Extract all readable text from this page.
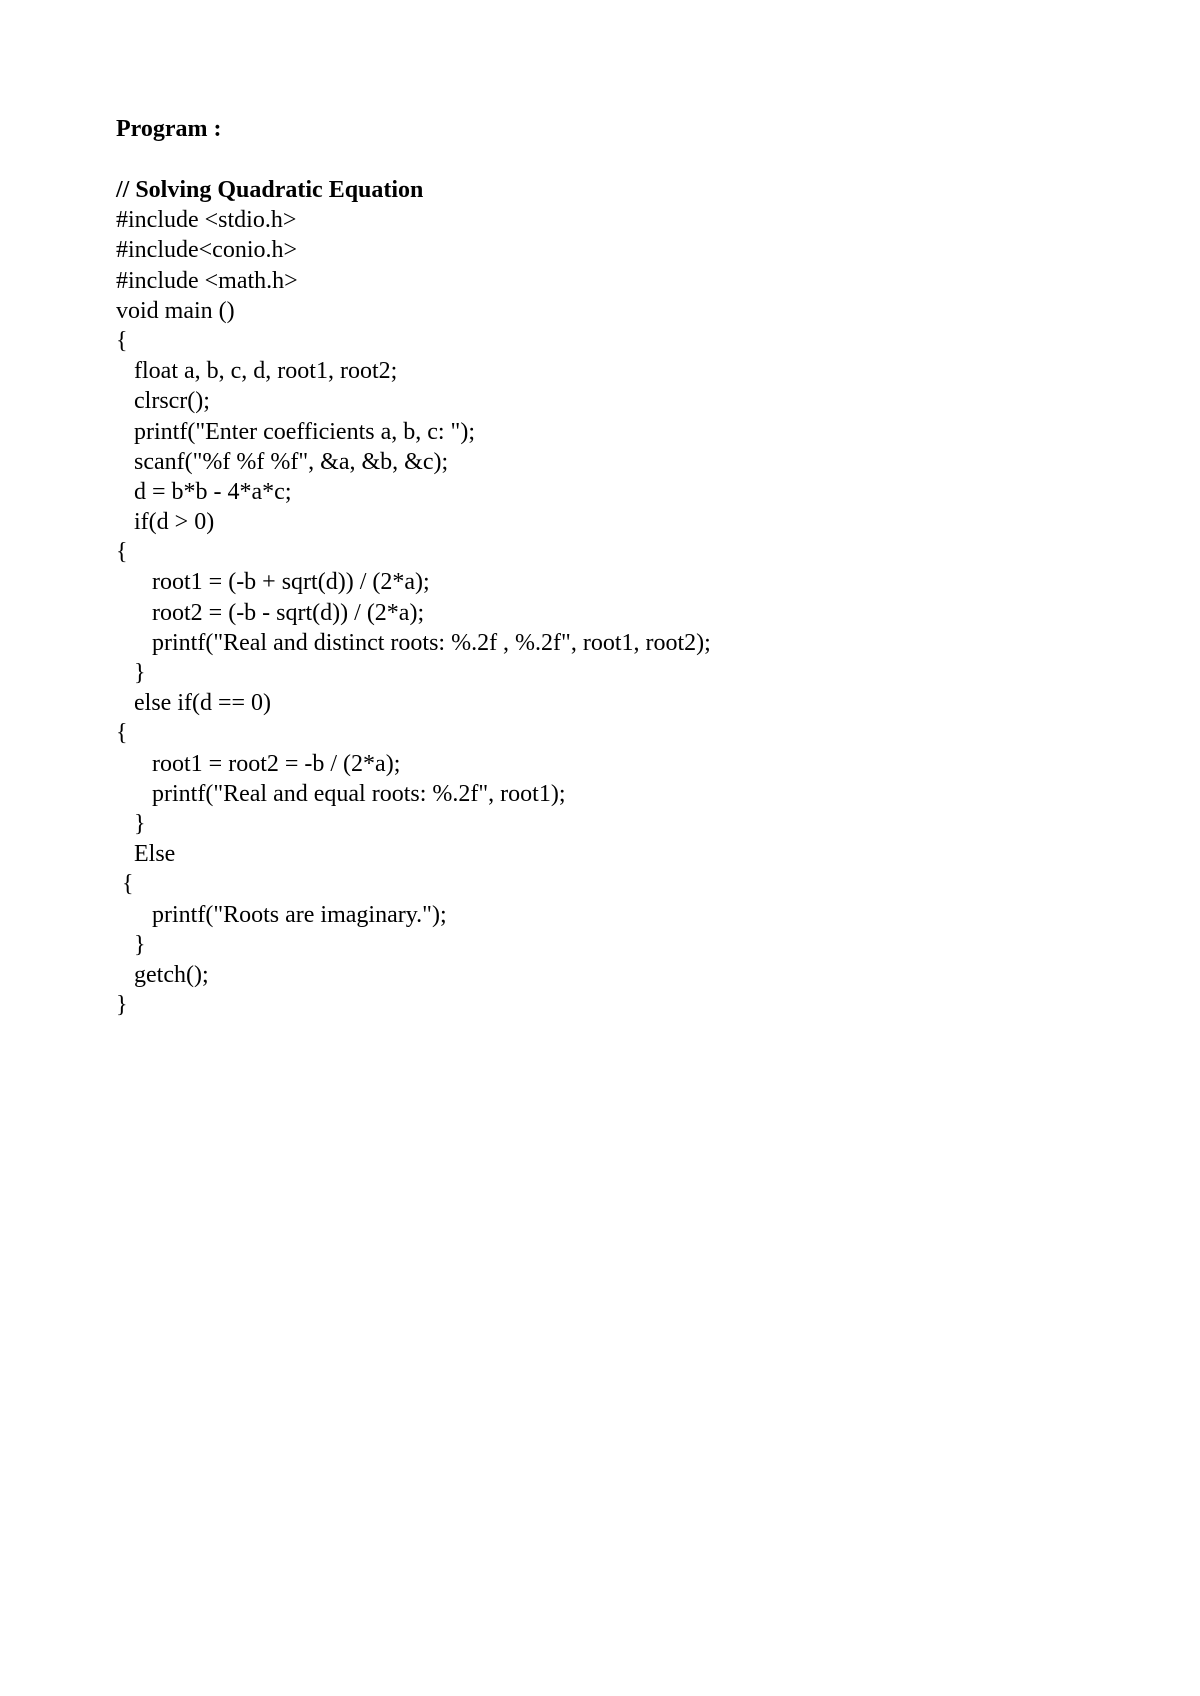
Program :
// Solving Quadratic Equation
#include <stdio.h>
#include<conio.h>
#include <math.h>
void main ()
{
float a, b, c, d, root1, root2;
clrscr();
printf("Enter coefficients a, b, c: ");
scanf("%f %f %f", &a, &b, &c);
d = b*b - 4*a*c;
if(d > 0)
{
root1 = (-b + sqrt(d)) / (2*a);
root2 = (-b - sqrt(d)) / (2*a);
printf("Real and distinct roots: %.2f , %.2f", root1, root2);
}
else if(d == 0)
{
root1 = root2 = -b / (2*a);
printf("Real and equal roots: %.2f", root1);
}
Else
{
printf("Roots are imaginary.");
}
getch();
}
